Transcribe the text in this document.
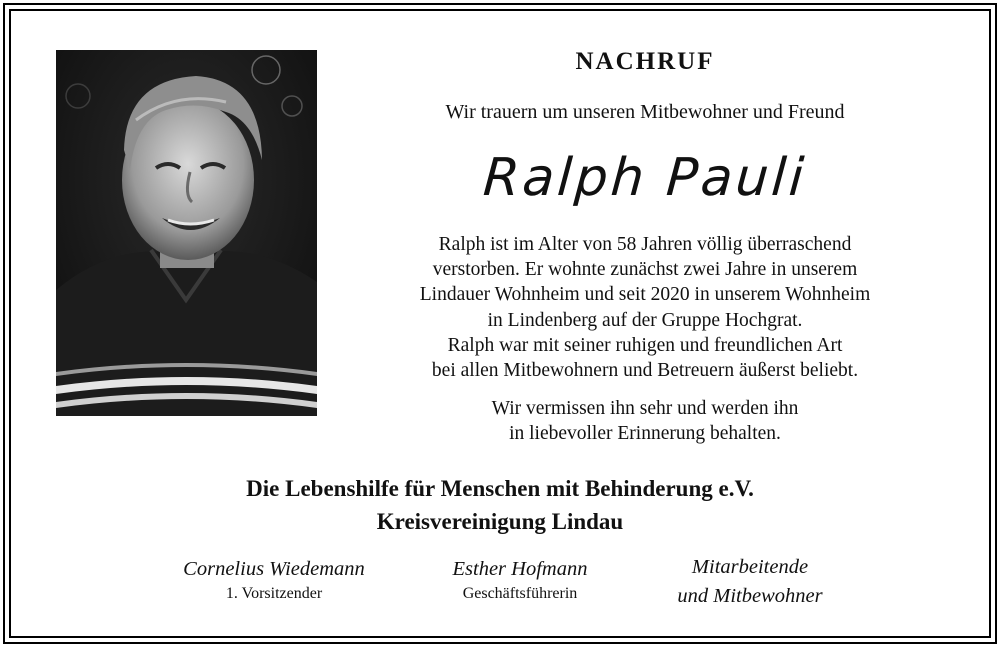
NACHRUF
Wir trauern um unseren Mitbewohner und Freund
Ralph Pauli

Ralph ist im Alter von 58 Jahren völlig überraschend

verstorben. Er wohnte zunächst zwei Jahre in unserem

Lindauer Wohnheim und seit 2020 in unserem Wohnheim

in Lindenberg auf der Gruppe Hochgrat.

Ralph war mit seiner ruhigen und freundlichen Art

bei allen Mitbewohnern und Betreuern äußerst beliebt.

Wir vermissen ihn sehr und werden ihn

in liebevoller Erinnerung behalten.

Die Lebenshilfe für Menschen mit Behinderung e.V.
Kreisvereinigung Lindau
Cornelius Wiedemann
1. Vorsitzender
Esther Hofmann
Geschäftsführerin
Mitarbeitende
und Mitbewohner
